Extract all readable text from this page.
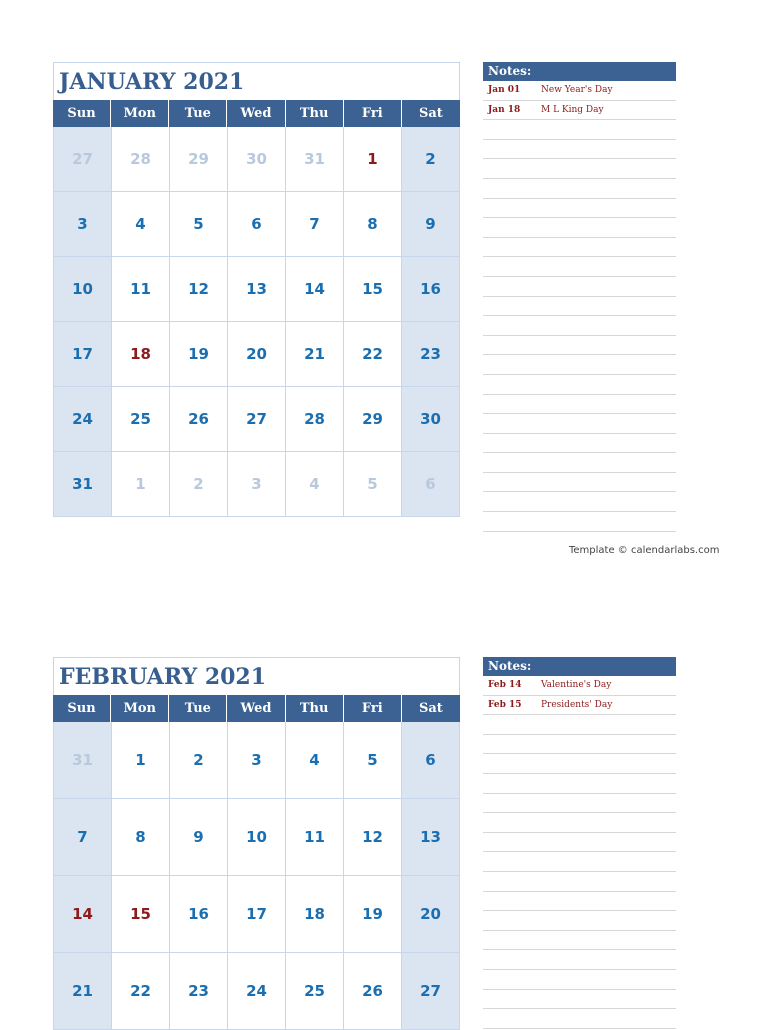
JANUARY 2021
Sun	Mon	Tue	Wed	Thu	Fri	Sat
27	28	29	30	31	1	2
3	4	5	6	7	8	9
10	11	12	13	14	15	16
17	18	19	20	21	22	23
24	25	26	27	28	29	30
31	1	2	3	4	5	6
Notes:
Jan 01	New Year's Day
Jan 18	M L King Day
Template © calendarlabs.com
FEBRUARY 2021
Sun	Mon	Tue	Wed	Thu	Fri	Sat
31	1	2	3	4	5	6
7	8	9	10	11	12	13
14	15	16	17	18	19	20
21	22	23	24	25	26	27
Notes:
Feb 14	Valentine's Day
Feb 15	Presidents' Day
